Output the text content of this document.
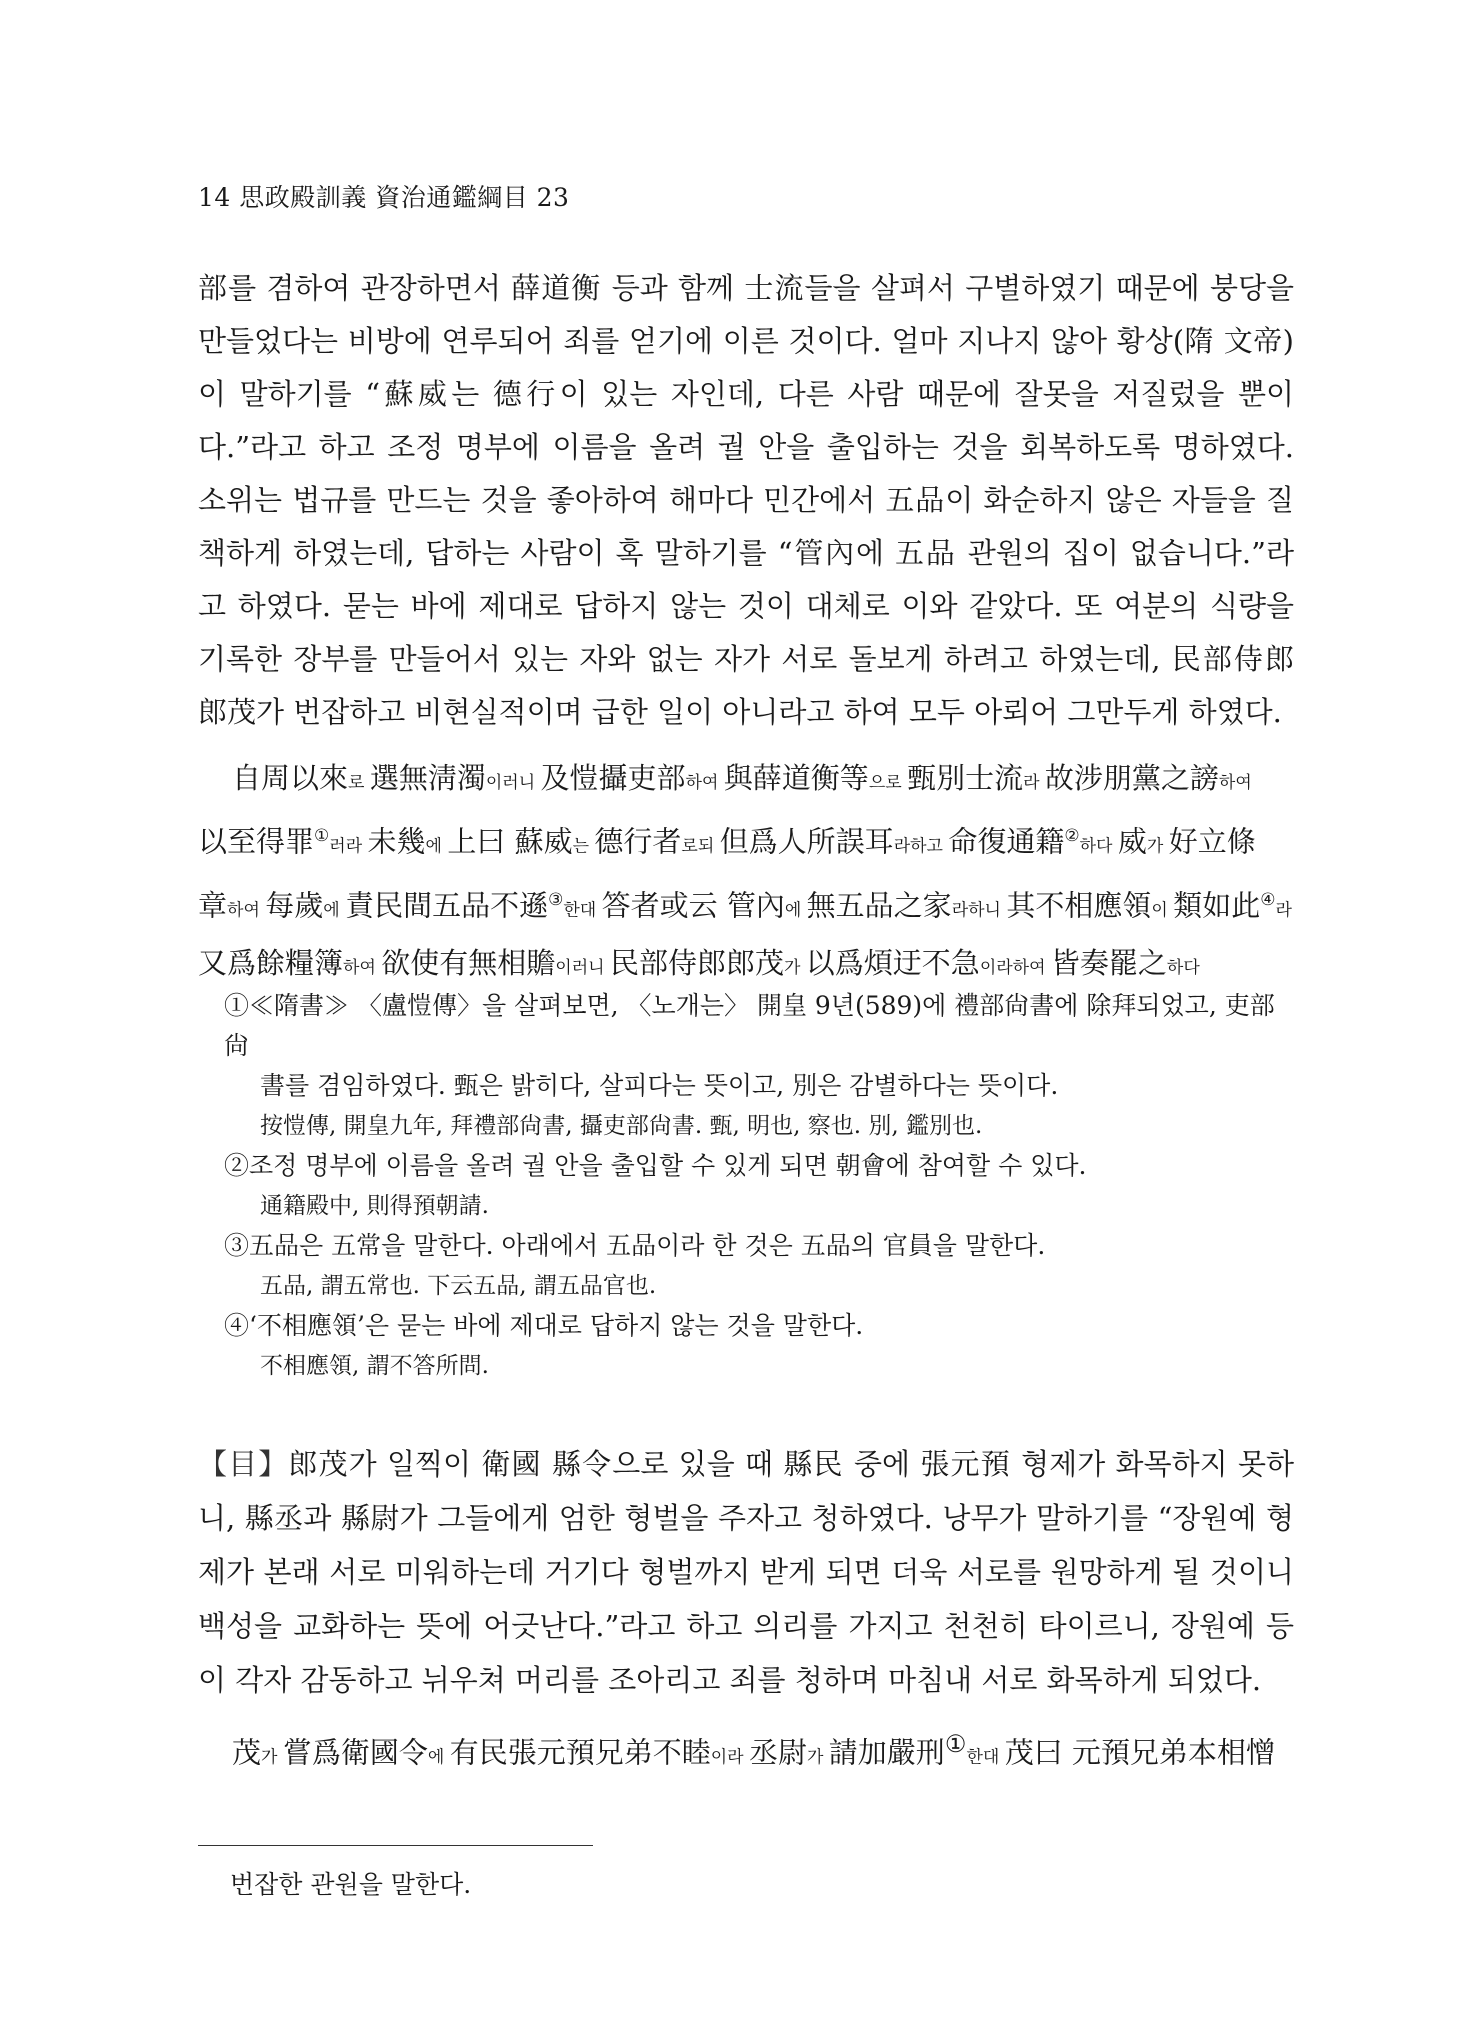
14 思政殿訓義 資治通鑑綱目 23

部를 겸하여 관장하면서 薛道衡 등과 함께 士流들을 살펴서 구별하였기 때문에 붕당을 만들었다는 비방에 연루되어 죄를 얻기에 이른 것이다. 얼마 지나지 않아 황상(隋 文帝)이 말하기를 “蘇威는 德行이 있는 자인데, 다른 사람 때문에 잘못을 저질렀을 뿐이다.”라고 하고 조정 명부에 이름을 올려 궐 안을 출입하는 것을 회복하도록 명하였다. 소위는 법규를 만드는 것을 좋아하여 해마다 민간에서 五品이 화순하지 않은 자들을 질책하게 하였는데, 답하는 사람이 혹 말하기를 “管內에 五品 관원의 집이 없습니다.”라고 하였다. 묻는 바에 제대로 답하지 않는 것이 대체로 이와 같았다. 또 여분의 식량을 기록한 장부를 만들어서 있는 자와 없는 자가 서로 돌보게 하려고 하였는데, 民部侍郎 郎茂가 번잡하고 비현실적이며 급한 일이 아니라고 하여 모두 아뢰어 그만두게 하였다.

自周以來로 選無淸濁이러니 及愷攝吏部하여 與薛道衡等으로 甄別士流라 故涉朋黨之謗하여
以至得罪①러라 未幾에 上曰 蘇威는 德行者로되 但爲人所誤耳라하고 命復通籍②하다 威가 好立條
章하여 每歲에 責民間五品不遜③한대 答者或云 管內에 無五品之家라하니 其不相應領이 類如此④라
又爲餘糧簿하여 欲使有無相贍이러니 民部侍郎郎茂가 以爲煩迂不急이라하여 皆奏罷之하다
①≪隋書≫ 〈盧愷傳〉을 살펴보면, 〈노개는〉 開皇 9년(589)에 禮部尙書에 除拜되었고, 吏部尙
書를 겸임하였다. 甄은 밝히다, 살피다는 뜻이고, 別은 감별하다는 뜻이다.
按愷傳, 開皇九年, 拜禮部尙書, 攝吏部尙書. 甄, 明也, 察也. 別, 鑑別也.
②조정 명부에 이름을 올려 궐 안을 출입할 수 있게 되면 朝會에 참여할 수 있다.
通籍殿中, 則得預朝請.
③五品은 五常을 말한다. 아래에서 五品이라 한 것은 五品의 官員을 말한다.
五品, 謂五常也. 下云五品, 謂五品官也.
④‘不相應領’은 묻는 바에 제대로 답하지 않는 것을 말한다.
不相應領, 謂不答所問.

【目】郎茂가 일찍이 衛國 縣令으로 있을 때 縣民 중에 張元預 형제가 화목하지 못하니, 縣丞과 縣尉가 그들에게 엄한 형벌을 주자고 청하였다. 낭무가 말하기를 “장원예 형제가 본래 서로 미워하는데 거기다 형벌까지 받게 되면 더욱 서로를 원망하게 될 것이니 백성을 교화하는 뜻에 어긋난다.”라고 하고 의리를 가지고 천천히 타이르니, 장원예 등이 각자 감동하고 뉘우쳐 머리를 조아리고 죄를 청하며 마침내 서로 화목하게 되었다.

茂가 嘗爲衛國令에 有民張元預兄弟不睦이라 丞尉가 請加嚴刑①한대 茂曰 元預兄弟本相憎
번잡한 관원을 말한다.
